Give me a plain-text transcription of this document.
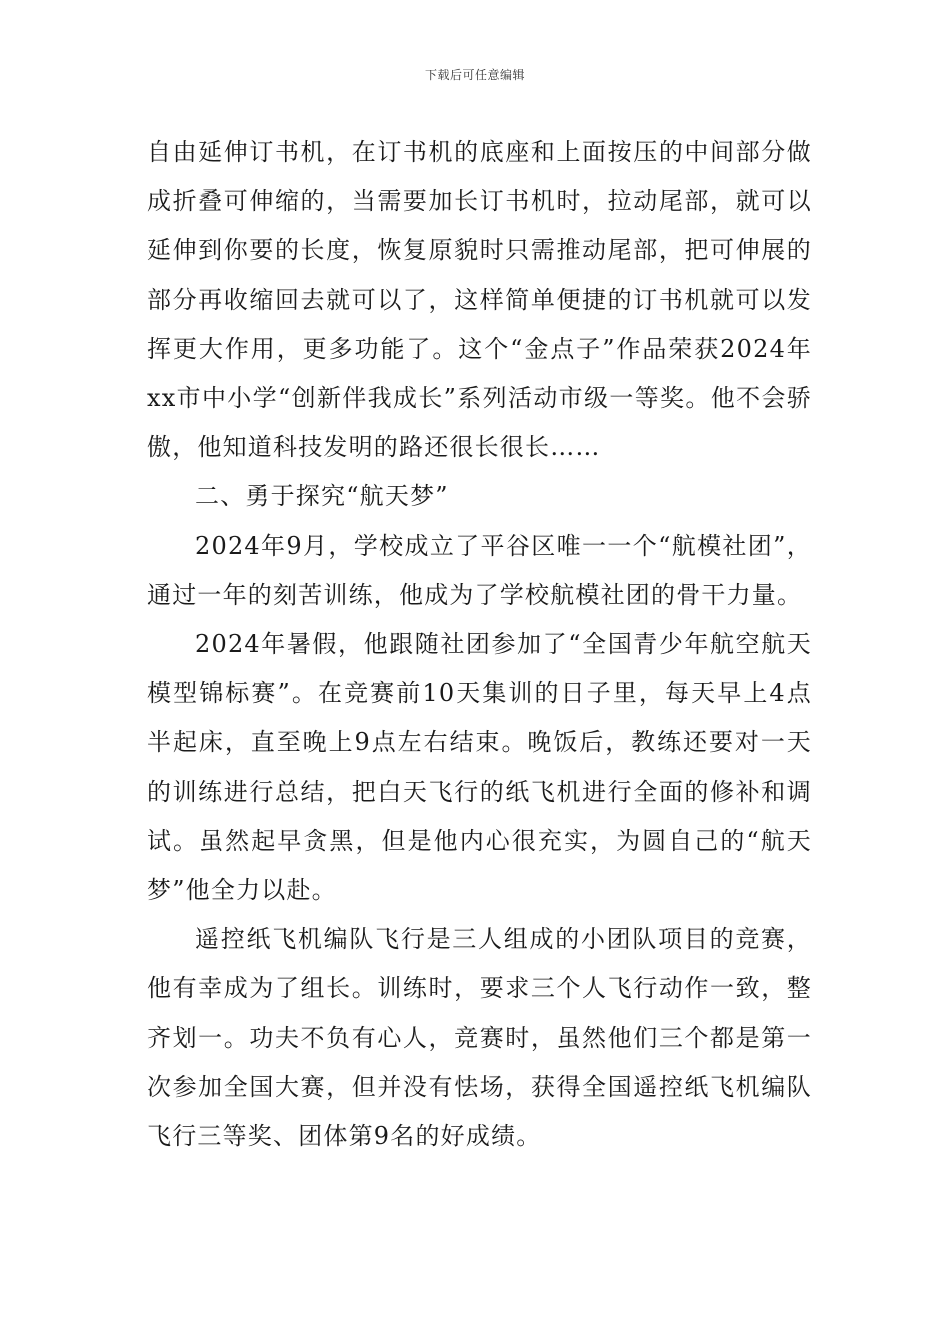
下载后可任意编辑

自由延伸订书机，在订书机的底座和上面按压的中间部分做成折叠可伸缩的，当需要加长订书机时，拉动尾部，就可以延伸到你要的长度，恢复原貌时只需推动尾部，把可伸展的部分再收缩回去就可以了，这样简单便捷的订书机就可以发挥更大作用，更多功能了。这个“金点子”作品荣获2024年xx市中小学“创新伴我成长”系列活动市级一等奖。他不会骄傲，他知道科技发明的路还很长很长……

二、勇于探究“航天梦”

2024年9月，学校成立了平谷区唯一一个“航模社团”，通过一年的刻苦训练，他成为了学校航模社团的骨干力量。

2024年暑假，他跟随社团参加了“全国青少年航空航天模型锦标赛”。在竞赛前10天集训的日子里，每天早上4点半起床，直至晚上9点左右结束。晚饭后，教练还要对一天的训练进行总结，把白天飞行的纸飞机进行全面的修补和调试。虽然起早贪黑，但是他内心很充实，为圆自己的“航天梦”他全力以赴。

遥控纸飞机编队飞行是三人组成的小团队项目的竞赛，他有幸成为了组长。训练时，要求三个人飞行动作一致，整齐划一。功夫不负有心人，竞赛时，虽然他们三个都是第一次参加全国大赛，但并没有怯场，获得全国遥控纸飞机编队飞行三等奖、团体第9名的好成绩。
